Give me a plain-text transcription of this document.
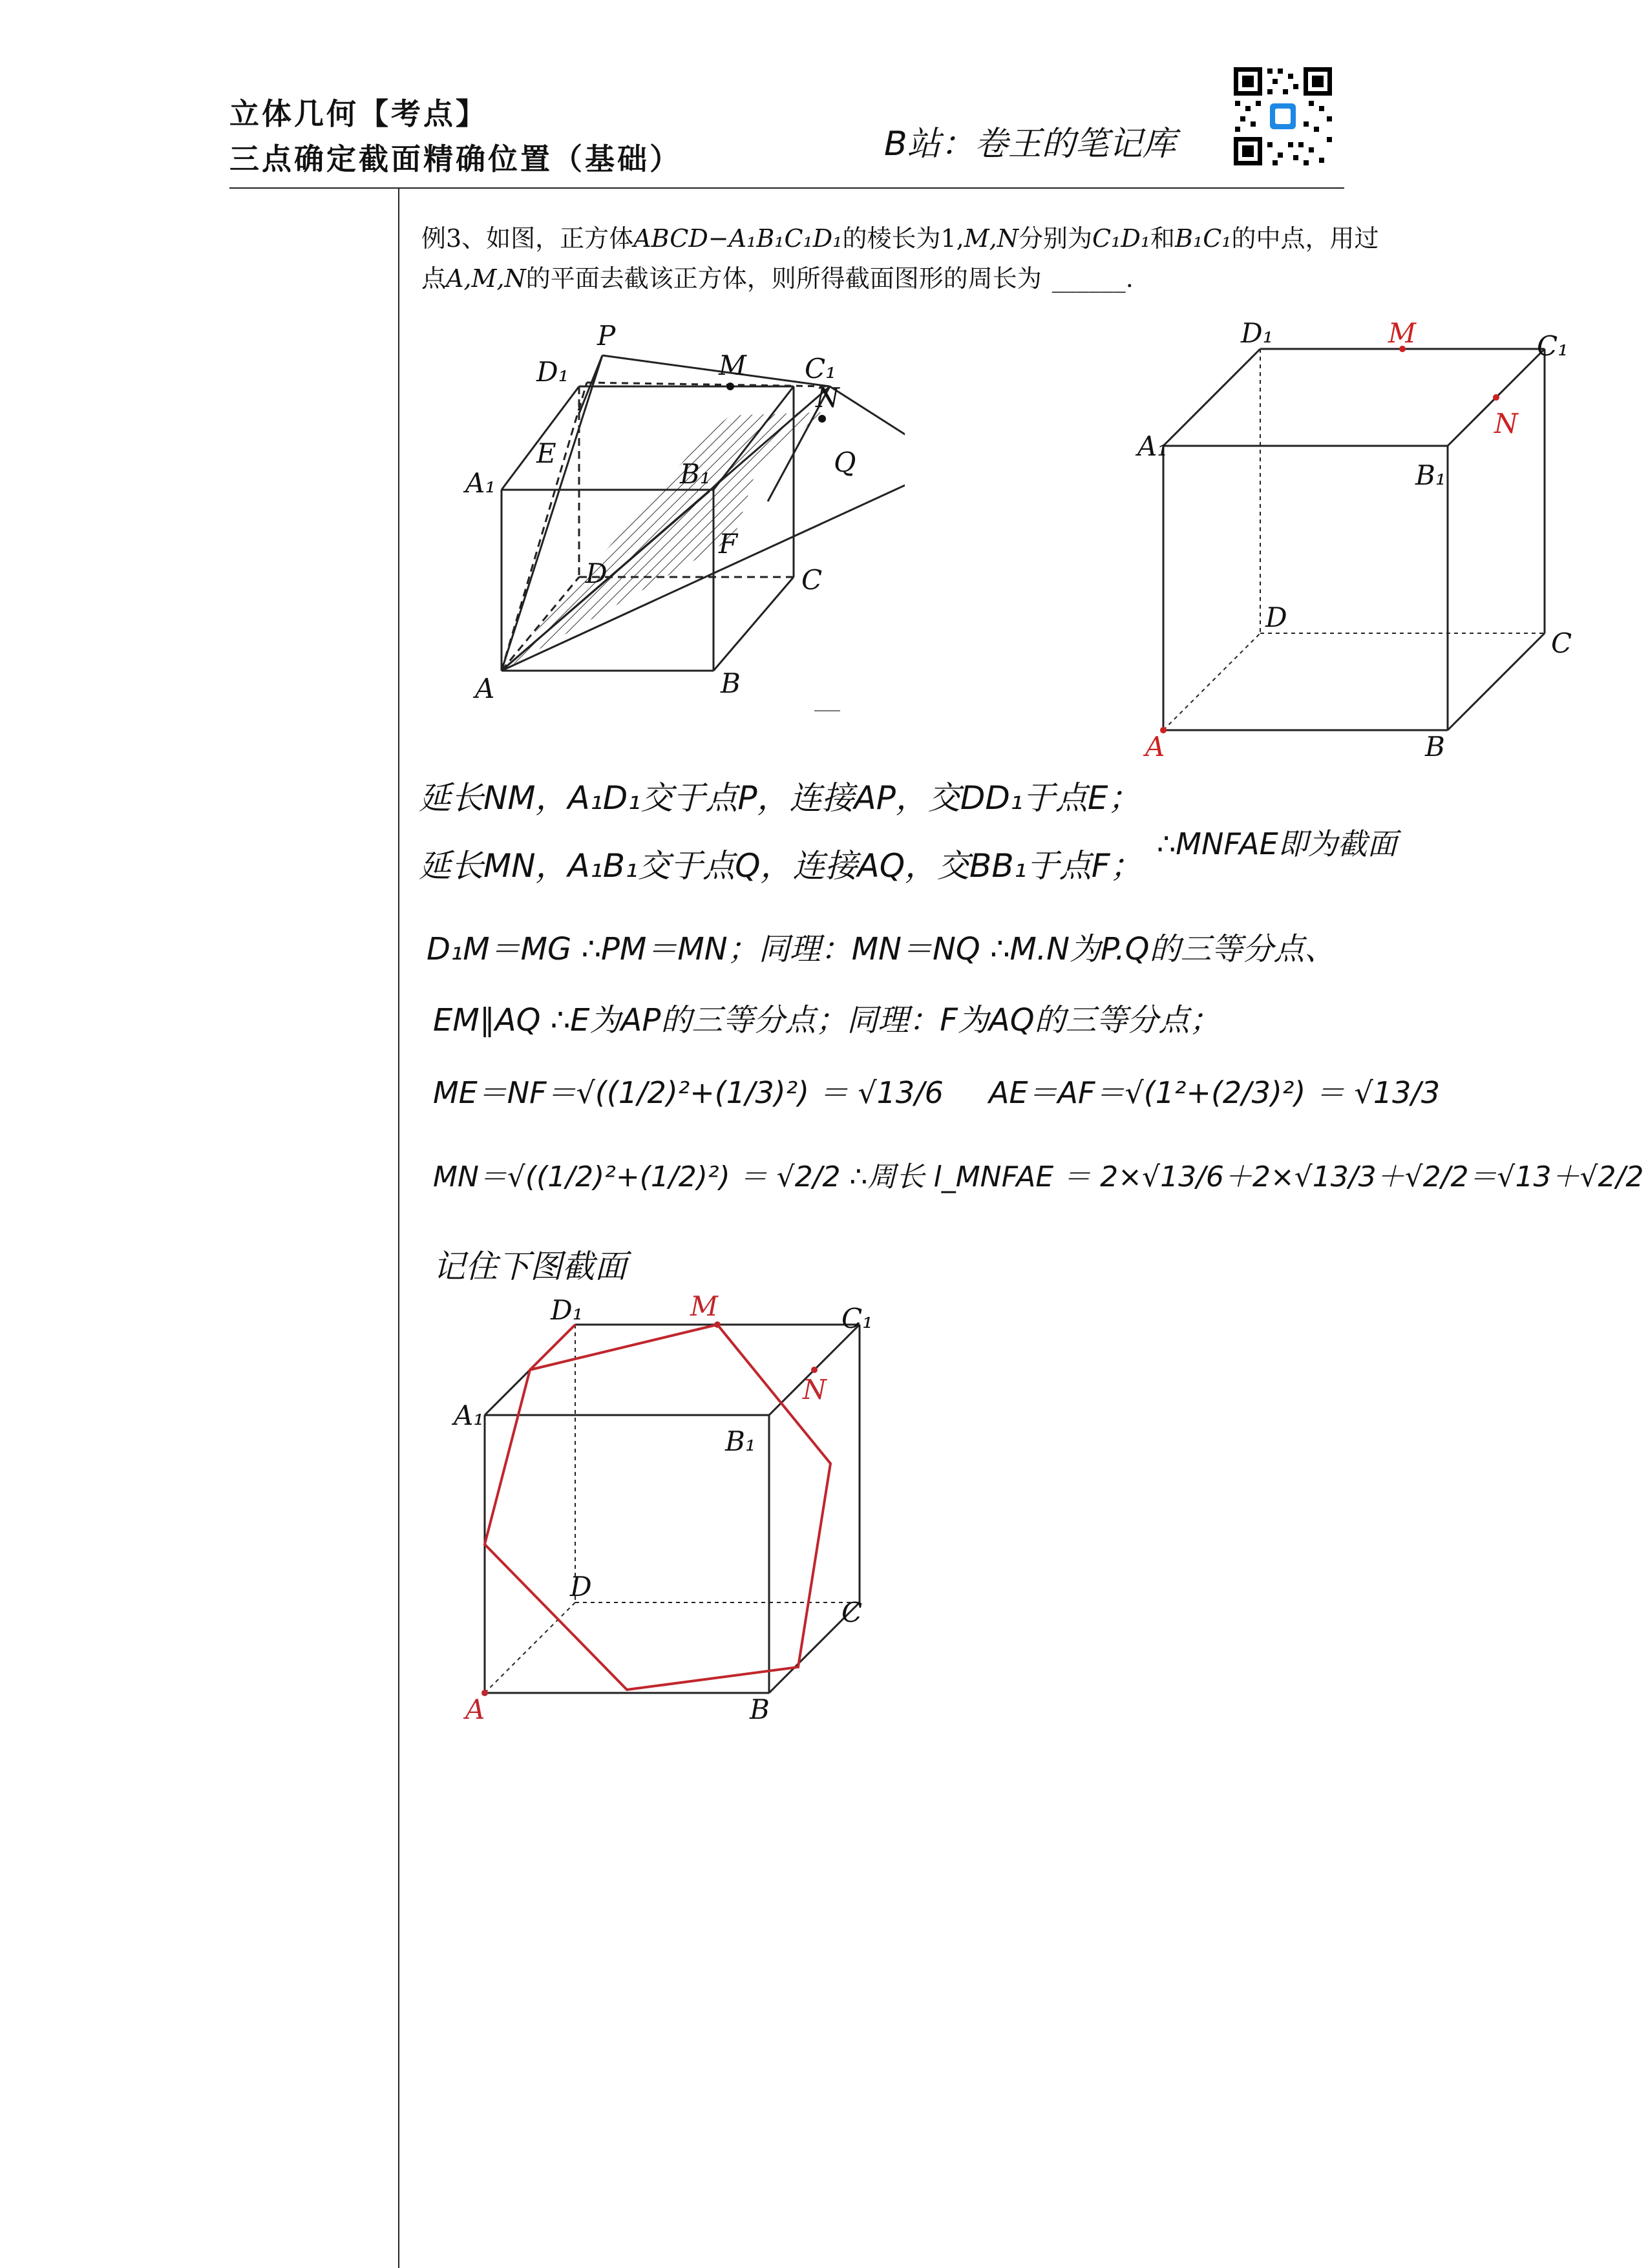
立体几何【考点】
三点确定截面精确位置（基础）	B站：卷王的笔记库
例3、如图，正方体ABCD−A₁B₁C₁D₁的棱长为1,M,N分别为C₁D₁和B₁C₁的中点，用过
点A,M,N的平面去截该正方体，则所得截面图形的周长为 ______.
D₁
P
M C₁
N
E
A₁	B₁	Q
F
D	C
A	B
D₁	M	C₁
A₁
N
B₁
D
C
A	B
延长NM，A₁D₁交于点P，连接AP，交DD₁于点E；
延长MN，A₁B₁交于点Q，连接AQ，交BB₁于点F；
∴MNFAE即为截面
D₁M＝MG ∴PM＝MN；同理：MN＝NQ ∴M.N为P.Q的三等分点、
EM∥AQ ∴E为AP的三等分点；同理：F为AQ的三等分点；
ME＝NF＝√((1/2)²+(1/3)²) ＝ √13/6 AE＝AF＝√(1²+(2/3)²) ＝ √13/3
MN＝√((1/2)²+(1/2)²) ＝ √2/2 ∴周长 l_MNFAE ＝ 2×√13/6＋2×√13/3＋√2/2＝√13＋√2/2
记住下图截面
D₁	M	C₁
A₁
N
B₁
D
C
A	B
